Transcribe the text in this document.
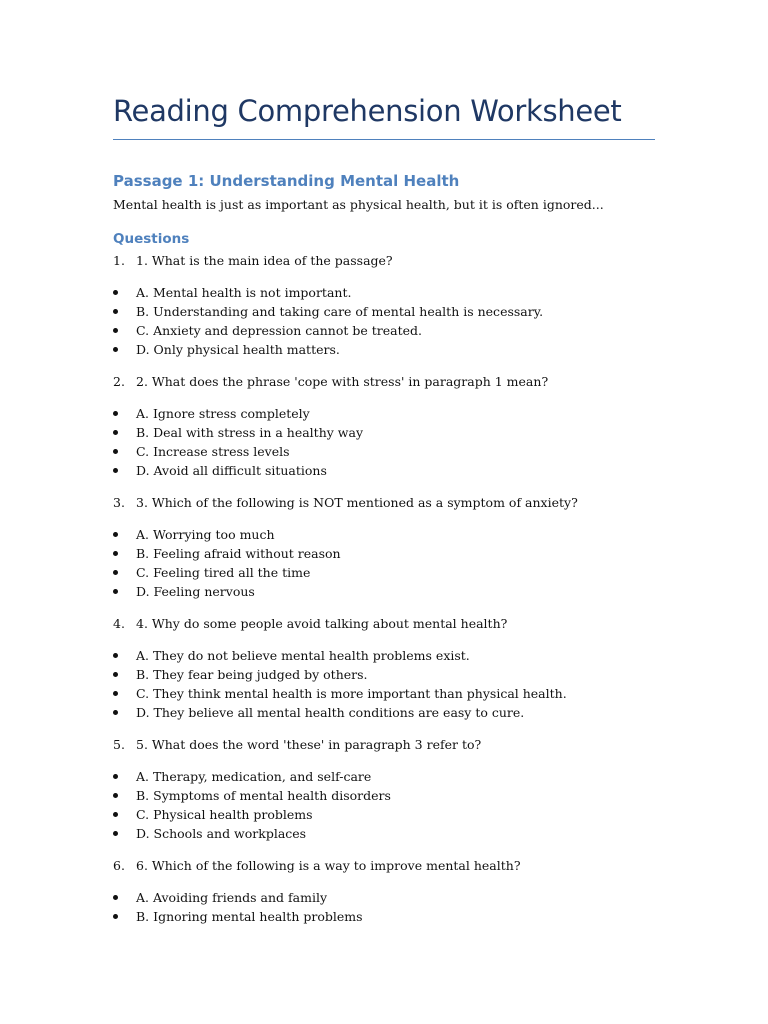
Reading Comprehension Worksheet
Passage 1: Understanding Mental Health

Mental health is just as important as physical health, but it is often ignored...

Questions
1. 1. What is the main idea of the passage?
A. Mental health is not important.
B. Understanding and taking care of mental health is necessary.
C. Anxiety and depression cannot be treated.
D. Only physical health matters.
2. 2. What does the phrase 'cope with stress' in paragraph 1 mean?
A. Ignore stress completely
B. Deal with stress in a healthy way
C. Increase stress levels
D. Avoid all difficult situations
3. 3. Which of the following is NOT mentioned as a symptom of anxiety?
A. Worrying too much
B. Feeling afraid without reason
C. Feeling tired all the time
D. Feeling nervous
4. 4. Why do some people avoid talking about mental health?
A. They do not believe mental health problems exist.
B. They fear being judged by others.
C. They think mental health is more important than physical health.
D. They believe all mental health conditions are easy to cure.
5. 5. What does the word 'these' in paragraph 3 refer to?
A. Therapy, medication, and self-care
B. Symptoms of mental health disorders
C. Physical health problems
D. Schools and workplaces
6. 6. Which of the following is a way to improve mental health?
A. Avoiding friends and family
B. Ignoring mental health problems
